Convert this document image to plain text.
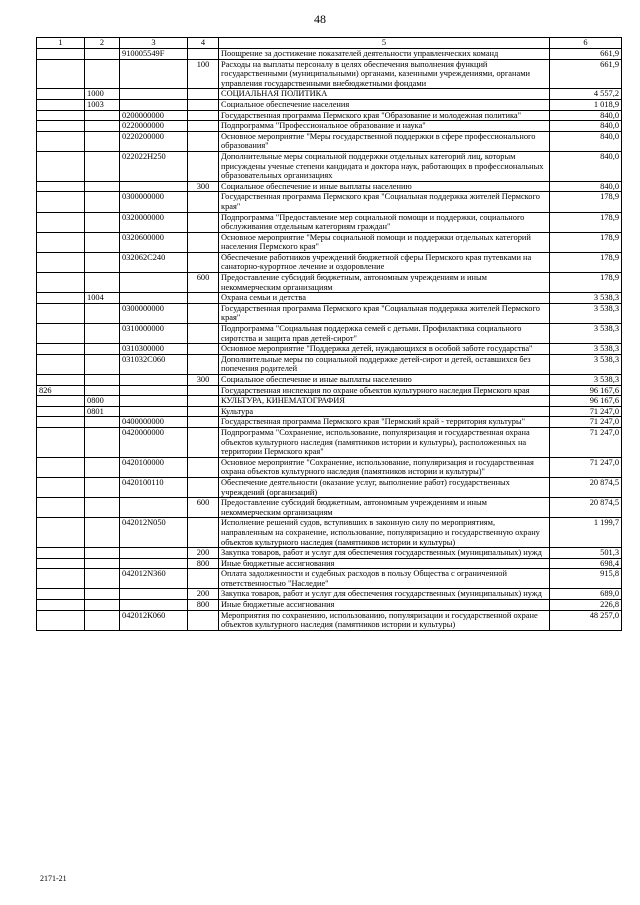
48
1	2	3	4	5	6
		910005549F		Поощрение за достижение показателей деятельности управленческих команд	661,9
			100	Расходы на выплаты персоналу в целях обеспечения выполнения функций государственными (муниципальными) органами, казенными учреждениями, органами управления государственными внебюджетными фондами	661,9
	1000			СОЦИАЛЬНАЯ ПОЛИТИКА	4 557,2
	1003			Социальное обеспечение населения	1 018,9
		0200000000		Государственная программа Пермского края "Образование и молодежная политика"	840,0
		0220000000		Подпрограмма "Профессиональное образование и наука"	840,0
		0220200000		Основное мероприятие "Меры государственной поддержки в сфере профессионального образования"	840,0
		022022Н250		Дополнительные меры социальной поддержки отдельных категорий лиц, которым присуждены ученые степени кандидата и доктора наук, работающих в профессиональных образовательных организациях	840,0
			300	Социальное обеспечение и иные выплаты населению	840,0
		0300000000		Государственная программа Пермского края "Социальная поддержка жителей Пермского края"	178,9
		0320000000		Подпрограмма "Предоставление мер социальной помощи и поддержки, социального обслуживания отдельным категориям граждан"	178,9
		0320600000		Основное мероприятие "Меры социальной помощи и поддержки отдельных категорий населения Пермского края"	178,9
		032062С240		Обеспечение работников учреждений бюджетной сферы Пермского края путевками на санаторно-курортное лечение и оздоровление	178,9
			600	Предоставление субсидий бюджетным, автономным учреждениям и иным некоммерческим организациям	178,9
	1004			Охрана семьи и детства	3 538,3
		0300000000		Государственная программа Пермского края "Социальная поддержка жителей Пермского края"	3 538,3
		0310000000		Подпрограмма "Социальная поддержка семей с детьми. Профилактика социального сиротства и защита прав детей-сирот"	3 538,3
		0310300000		Основное мероприятие "Поддержка детей, нуждающихся в особой заботе государства"	3 538,3
		031032С060		Дополнительные меры по социальной поддержке детей-сирот и детей, оставшихся без попечения родителей	3 538,3
			300	Социальное обеспечение и иные выплаты населению	3 538,3
826				Государственная инспекция по охране объектов культурного наследия Пермского края	96 167,6
	0800			КУЛЬТУРА, КИНЕМАТОГРАФИЯ	96 167,6
	0801			Культура	71 247,0
		0400000000		Государственная программа Пермского края "Пермский край - территория культуры"	71 247,0
		0420000000		Подпрограмма "Сохранение, использование, популяризация и государственная охрана объектов культурного наследия (памятников истории и культуры), расположенных на территории Пермского края"	71 247,0
		0420100000		Основное мероприятие "Сохранение, использование, популяризация и государственная охрана объектов культурного наследия (памятников истории и культуры)"	71 247,0
		0420100110		Обеспечение деятельности (оказание услуг, выполнение работ) государственных учреждений (организаций)	20 874,5
			600	Предоставление субсидий бюджетным, автономным учреждениям и иным некоммерческим организациям	20 874,5
		042012N050		Исполнение решений судов, вступивших в законную силу по мероприятиям, направленным на сохранение, использование, популяризацию и государственную охрану объектов культурного наследия (памятников истории и культуры)	1 199,7
			200	Закупка товаров, работ и услуг для обеспечения государственных (муниципальных) нужд	501,3
			800	Иные бюджетные ассигнования	698,4
		042012N360		Оплата задолженности и судебных расходов в пользу Общества с ограниченной ответственностью "Наследие"	915,8
			200	Закупка товаров, работ и услуг для обеспечения государственных (муниципальных) нужд	689,0
			800	Иные бюджетные ассигнования	226,8
		042012К060		Мероприятия по сохранению, использованию, популяризации и государственной охране объектов культурного наследия (памятников истории и культуры)	48 257,0
2171-21
